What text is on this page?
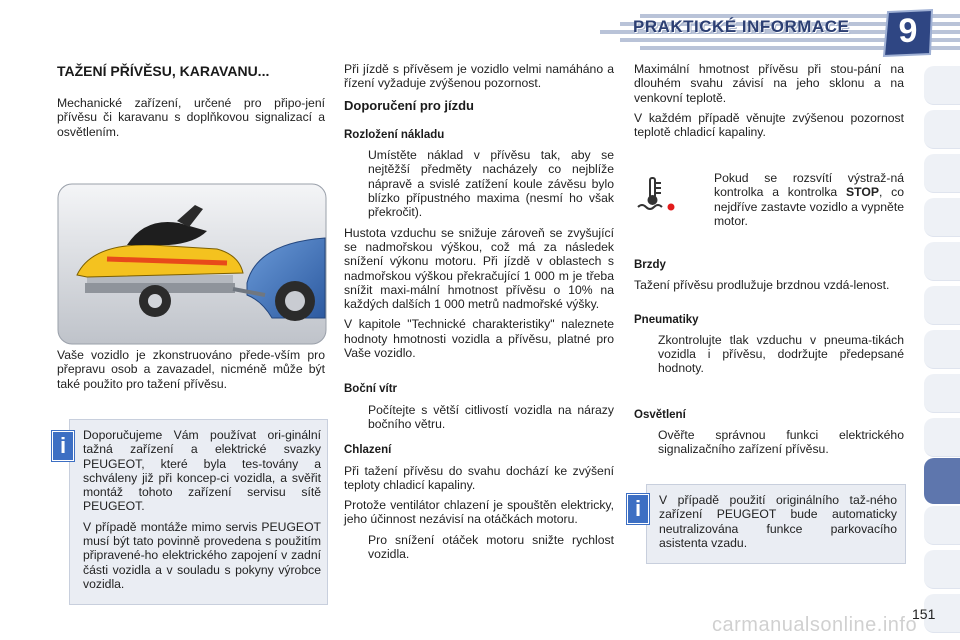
PRAKTICKÉ INFORMACE	9
TAŽENÍ PŘÍVĚSU, KARAVANU...

Mechanické zařízení, určené pro připo-jení přívěsu či karavanu s doplňkovou signalizací a osvětlením.

Vaše vozidlo je zkonstruováno přede-vším pro přepravu osob a zavazadel, nicméně může být také použito pro tažení přívěsu.

Doporučujeme Vám používat ori-ginální tažná zařízení a elektrické svazky PEUGEOT, které byla tes-továny a schváleny již při koncep-ci vozidla, a svěřit montáž tohoto zařízení servisu sítě PEUGEOT.

V případě montáže mimo servis PEUGEOT musí být tato povinně provedena s použitím připravené-ho elektrického zapojení v zadní části vozidla a v souladu s pokyny výrobce vozidla.

i

Při jízdě s přívěsem je vozidlo velmi namáháno a řízení vyžaduje zvýšenou pozornost.

Doporučení pro jízdu
Rozložení nákladu
Umístěte náklad v přívěsu tak, aby se nejtěžší předměty nacházely co nejblíže nápravě a svislé zatížení koule závěsu bylo blízko přípustného maxima (nesmí ho však překročit).

Hustota vzduchu se snižuje zároveň se zvyšující se nadmořskou výškou, což má za následek snížení výkonu motoru. Při jízdě v oblastech s nadmořskou výškou překračující 1 000 m je třeba snížit maxi-mální hmotnost přívěsu o 10% na každých dalších 1 000 metrů nadmořské výšky.

V kapitole "Technické charakteristiky" naleznete hodnoty hmotnosti vozidla a přívěsu, platné pro Vaše vozidlo.

Boční vítr
Počítejte s větší citlivostí vozidla na nárazy bočního větru.
Chlazení

Při tažení přívěsu do svahu dochází ke zvýšení teploty chladicí kapaliny.

Protože ventilátor chlazení je spouštěn elektricky, jeho účinnost nezávisí na otáčkách motoru.

Pro snížení otáček motoru snižte rychlost vozidla.

Maximální hmotnost přívěsu při stou-pání na dlouhém svahu závisí na jeho sklonu a na venkovní teplotě.

V každém případě věnujte zvýšenou pozornost teplotě chladicí kapaliny.

Pokud se rozsvítí výstraž-ná kontrolka a kontrolka STOP, co nejdříve zastavte vozidlo a vypněte motor.
Brzdy

Tažení přívěsu prodlužuje brzdnou vzdá-lenost.

Pneumatiky
Zkontrolujte tlak vzduchu v pneuma-tikách vozidla i přívěsu, dodržujte předepsané hodnoty.
Osvětlení
Ověřte správnou funkci elektrického signalizačního zařízení přívěsu.

V případě použití originálního taž-ného zařízení PEUGEOT bude automaticky neutralizována funkce parkovacího asistenta vzadu.

i
carmanualsonline.info
151
